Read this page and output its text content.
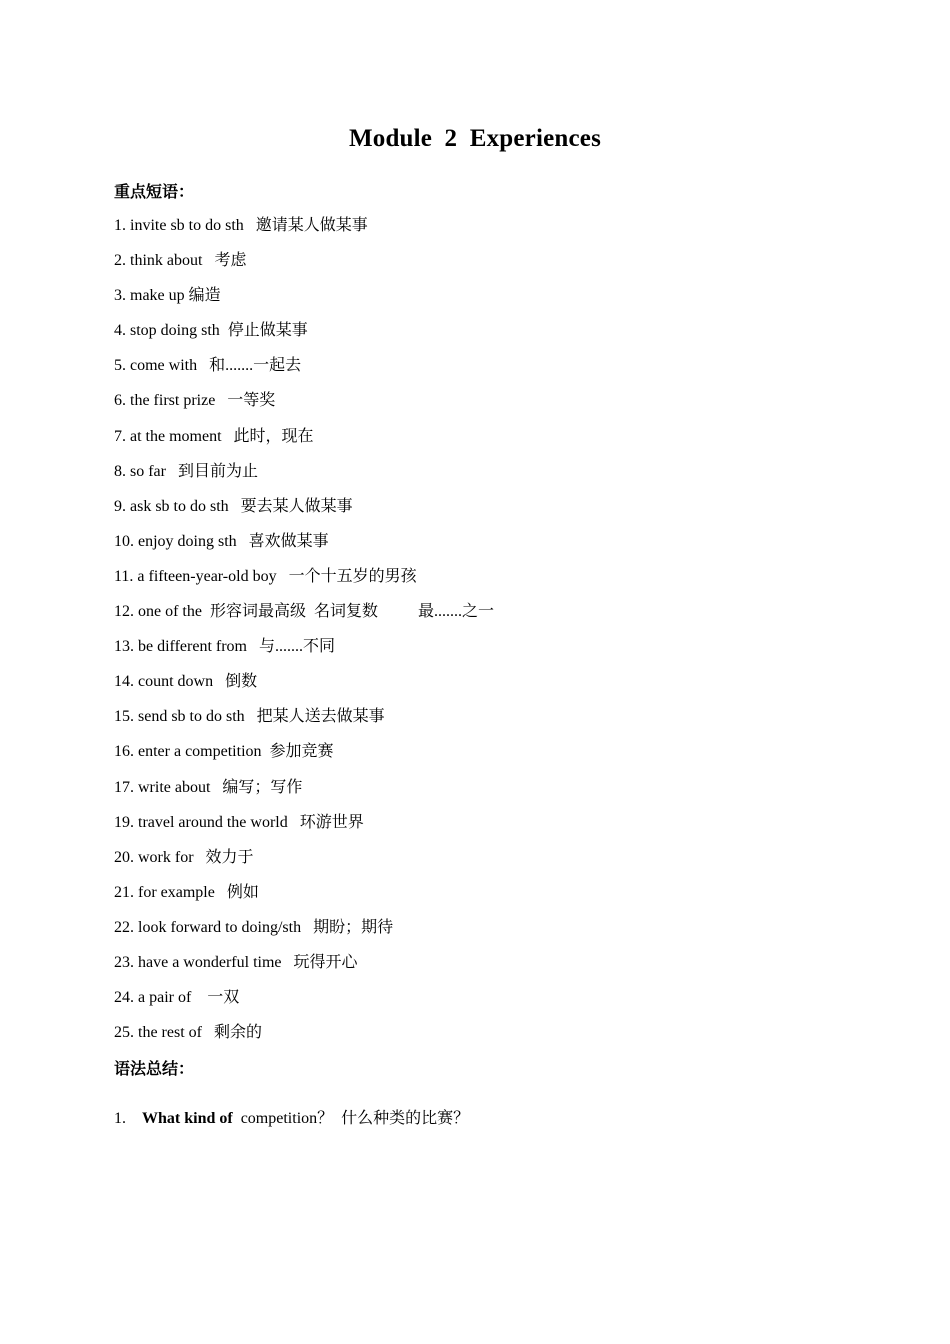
Module 2 Experiences
重点短语：
1. invite sb to do sth   邀请某人做某事
2. think about   考虑
3. make up 编造
4. stop doing sth  停止做某事
5. come with   和.......一起去
6. the first prize   一等奖
7. at the moment   此时，现在
8. so far   到目前为止
9. ask sb to do sth   要去某人做某事
10. enjoy doing sth   喜欢做某事
11. a fifteen-year-old boy   一个十五岁的男孩
12. one of the  形容词最高级  名词复数          最.......之一
13. be different from   与.......不同
14. count down   倒数
15. send sb to do sth   把某人送去做某事
16. enter a competition  参加竞赛
17. write about   编写；写作
19. travel around the world   环游世界
20. work for   效力于
21. for example   例如
22. look forward to doing/sth   期盼；期待
23. have a wonderful time   玩得开心
24. a pair of    一双
25. the rest of   剩余的
语法总结：

1.    What kind of  competition？  什么种类的比赛？
